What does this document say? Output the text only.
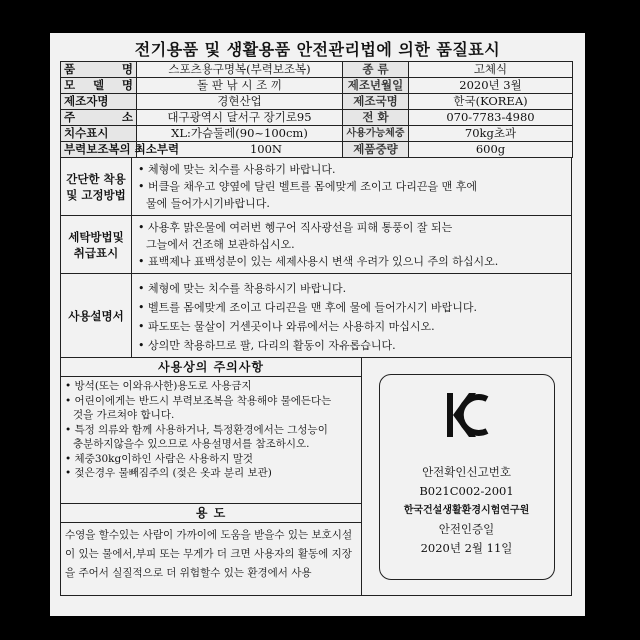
전기용품 및 생활용품 안전관리법에 의한 품질표시
품 명	스포츠용구명복(부력보조복)	종 류	고체식
모 델 명	돌 판 낚 시 조 끼	제조년월일	2020년 3월
제조자명	경현산업	제조국명	한국(KOREA)
주 소	대구광역시 달서구 장기로95	전 화	070-7783-4980
치수표시	XL:가슴둘레(90~100cm)	사용가능체중	70kg초과

부력보조복의 최소부력	100N	제품중량	600g
간단한 착용 및 고정방법

• 체형에 맞는 치수를 사용하기 바랍니다.

• 버클을 채우고 양옆에 달린 벨트를 몸에맞게 조이고 다리끈을 맨 후에

물에 들어가시기바랍니다.

세탁방법및 취급표시

• 사용후 맑은물에 여러번 헹구어 직사광선을 피해 통풍이 잘 되는

그늘에서 건조해 보관하십시오.

• 표백제나 표백성분이 있는 세제사용시 변색 우려가 있으니 주의 하십시오.

사용설명서

• 체형에 맞는 치수를 착용하시기 바랍니다.

• 벨트를 몸에맞게 조이고 다리끈을 맨 후에 물에 들어가시기 바랍니다.

• 파도또는 물살이 거센곳이나 와류에서는 사용하지 마십시오.

• 상의만 착용하므로 팔, 다리의 활동이 자유롭습니다.

사용상의 주의사항

• 방석(또는 이와유사한)용도로 사용금지

• 어린이에게는 반드시 부력보조복을 착용해야 물에든다는

것을 가르쳐야 합니다.

• 특정 의류와 함께 사용하거나, 특정환경에서는 그성능이

충분하지않을수 있으므로 사용설명서를 참조하시오.

• 체중30kg이하인 사람은 사용하지 말것

• 젖은경우 물빼짐주의 (젖은 옷과 분리 보관)

용 도
수영을 할수있는 사람이 가까이에 도움을 받을수 있는 보호시설이 있는 물에서,부피 또는 무게가 더 크면 사용자의 활동에 지장을 주어서 실질적으로 더 위험할수 있는 환경에서 사용
안전확인신고번호
B021C002-2001
한국건설생활환경시험연구원
안전인증일
2020년 2월 11일
